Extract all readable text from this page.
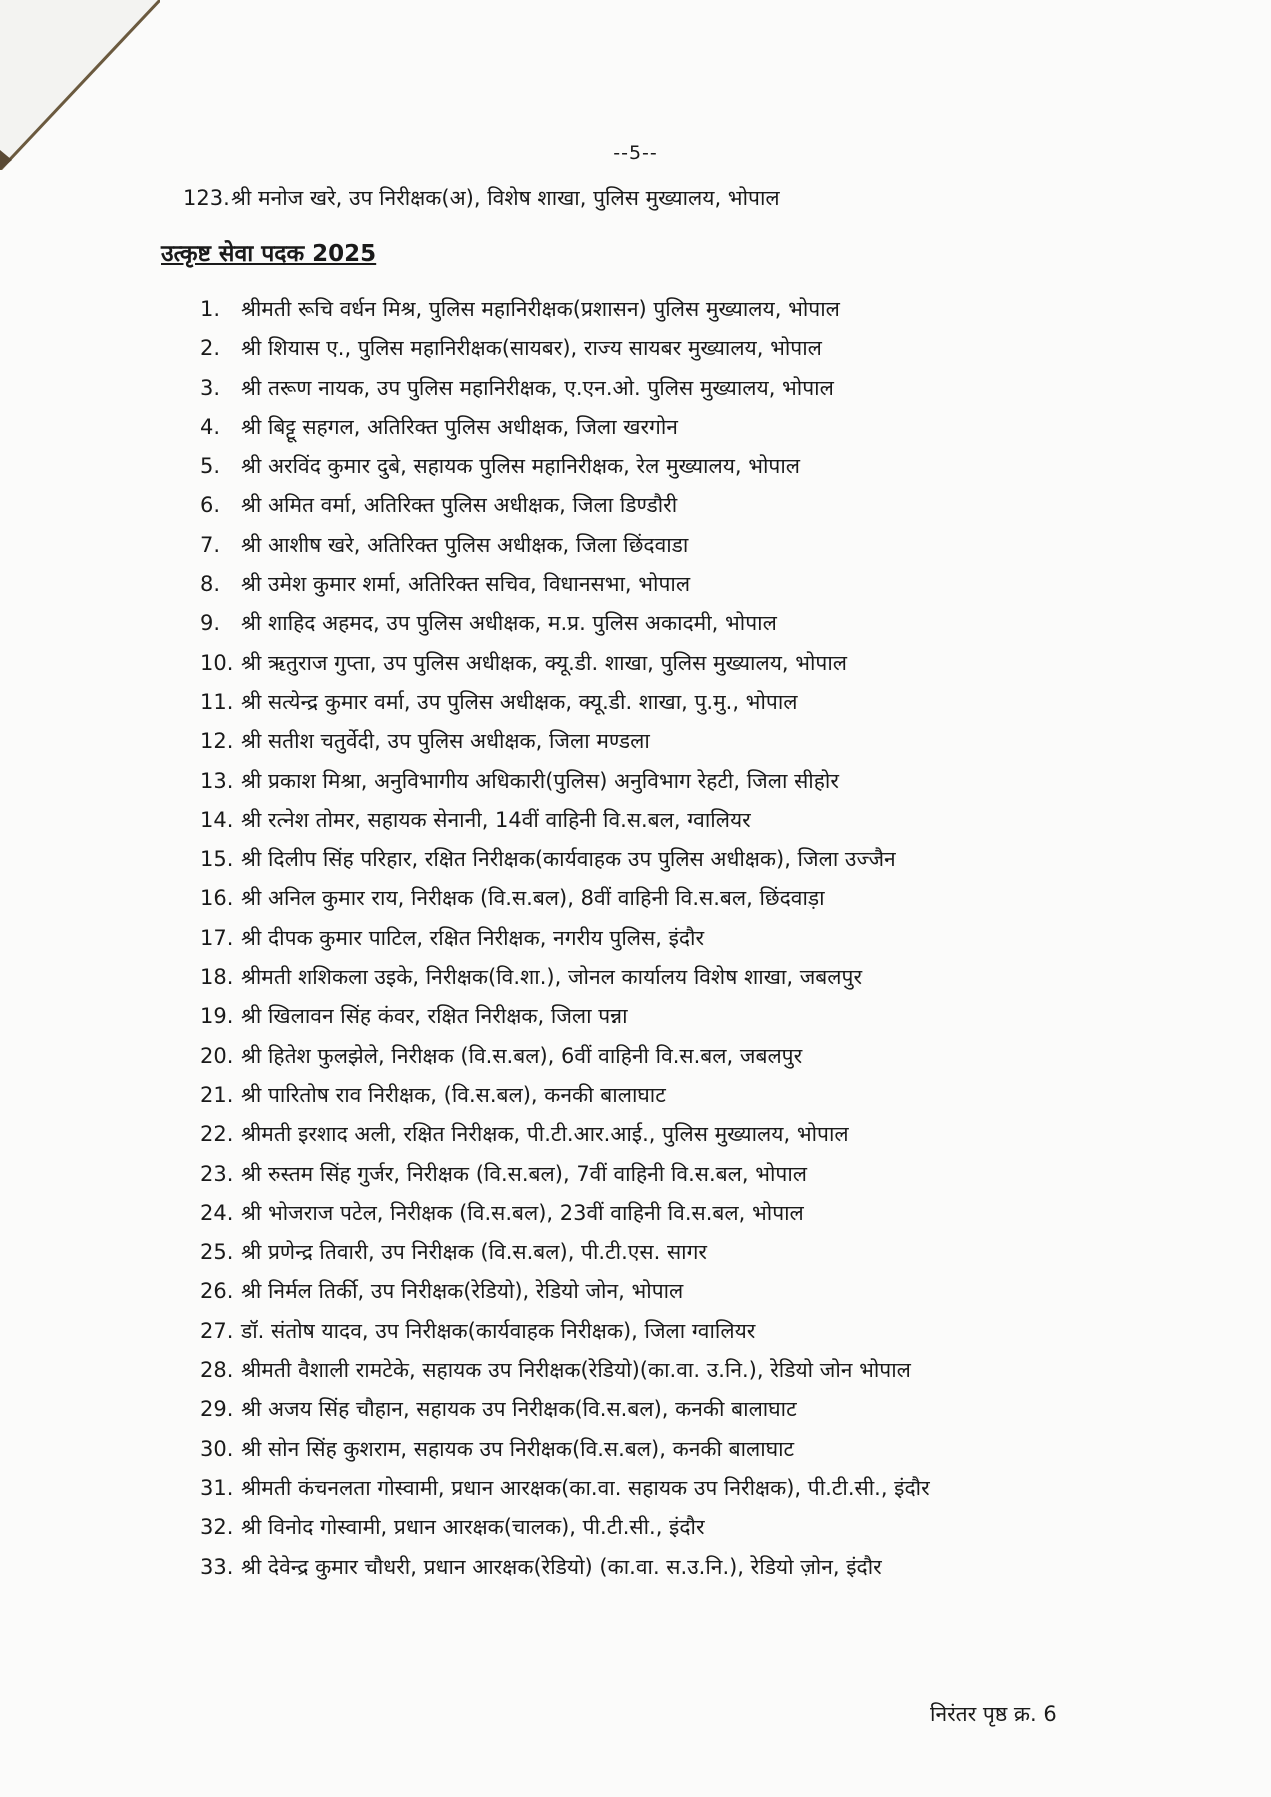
--5--
123.श्री मनोज खरे, उप निरीक्षक(अ), विशेष शाखा, पुलिस मुख्यालय, भोपाल
उत्कृष्ट सेवा पदक 2025
1. श्रीमती रूचि वर्धन मिश्र, पुलिस महानिरीक्षक(प्रशासन) पुलिस मुख्यालय, भोपाल
2. श्री शियास ए., पुलिस महानिरीक्षक(सायबर), राज्य सायबर मुख्यालय, भोपाल
3. श्री तरूण नायक, उप पुलिस महानिरीक्षक, ए.एन.ओ. पुलिस मुख्यालय, भोपाल
4. श्री बिट्टू सहगल, अतिरिक्त पुलिस अधीक्षक, जिला खरगोन
5. श्री अरविंद कुमार दुबे, सहायक पुलिस महानिरीक्षक, रेल मुख्यालय, भोपाल
6. श्री अमित वर्मा, अतिरिक्त पुलिस अधीक्षक, जिला डिण्डौरी
7. श्री आशीष खरे, अतिरिक्त पुलिस अधीक्षक, जिला छिंदवाडा
8. श्री उमेश कुमार शर्मा, अतिरिक्त सचिव, विधानसभा, भोपाल
9. श्री शाहिद अहमद, उप पुलिस अधीक्षक, म.प्र. पुलिस अकादमी, भोपाल
10. श्री ऋतुराज गुप्ता, उप पुलिस अधीक्षक, क्यू.डी. शाखा, पुलिस मुख्यालय, भोपाल
11. श्री सत्येन्द्र कुमार वर्मा, उप पुलिस अधीक्षक, क्यू.डी. शाखा, पु.मु., भोपाल
12. श्री सतीश चतुर्वेदी, उप पुलिस अधीक्षक, जिला मण्डला
13. श्री प्रकाश मिश्रा, अनुविभागीय अधिकारी(पुलिस) अनुविभाग रेहटी, जिला सीहोर
14. श्री रत्नेश तोमर, सहायक सेनानी, 14वीं वाहिनी वि.स.बल, ग्वालियर
15. श्री दिलीप सिंह परिहार, रक्षित निरीक्षक(कार्यवाहक उप पुलिस अधीक्षक), जिला उज्जैन
16. श्री अनिल कुमार राय, निरीक्षक (वि.स.बल), 8वीं वाहिनी वि.स.बल, छिंदवाड़ा
17. श्री दीपक कुमार पाटिल, रक्षित निरीक्षक, नगरीय पुलिस, इंदौर
18. श्रीमती शशिकला उइके, निरीक्षक(वि.शा.), जोनल कार्यालय विशेष शाखा, जबलपुर
19. श्री खिलावन सिंह कंवर, रक्षित निरीक्षक, जिला पन्ना
20. श्री हितेश फुलझेले, निरीक्षक (वि.स.बल), 6वीं वाहिनी वि.स.बल, जबलपुर
21. श्री पारितोष राव निरीक्षक, (वि.स.बल), कनकी बालाघाट
22. श्रीमती इरशाद अली, रक्षित निरीक्षक, पी.टी.आर.आई., पुलिस मुख्यालय, भोपाल
23. श्री रुस्तम सिंह गुर्जर, निरीक्षक (वि.स.बल), 7वीं वाहिनी वि.स.बल, भोपाल
24. श्री भोजराज पटेल, निरीक्षक (वि.स.बल), 23वीं वाहिनी वि.स.बल, भोपाल
25. श्री प्रणेन्द्र तिवारी, उप निरीक्षक (वि.स.बल), पी.टी.एस. सागर
26. श्री निर्मल तिर्की, उप निरीक्षक(रेडियो), रेडियो जोन, भोपाल
27. डॉ. संतोष यादव, उप निरीक्षक(कार्यवाहक निरीक्षक), जिला ग्वालियर
28. श्रीमती वैशाली रामटेके, सहायक उप निरीक्षक(रेडियो)(का.वा. उ.नि.), रेडियो जोन भोपाल
29. श्री अजय सिंह चौहान, सहायक उप निरीक्षक(वि.स.बल), कनकी बालाघाट
30. श्री सोन सिंह कुशराम, सहायक उप निरीक्षक(वि.स.बल), कनकी बालाघाट
31. श्रीमती कंचनलता गोस्वामी, प्रधान आरक्षक(का.वा. सहायक उप निरीक्षक), पी.टी.सी., इंदौर
32. श्री विनोद गोस्वामी, प्रधान आरक्षक(चालक), पी.टी.सी., इंदौर
33. श्री देवेन्द्र कुमार चौधरी, प्रधान आरक्षक(रेडियो) (का.वा. स.उ.नि.), रेडियो ज़ोन, इंदौर
निरंतर पृष्ठ क्र. 6
